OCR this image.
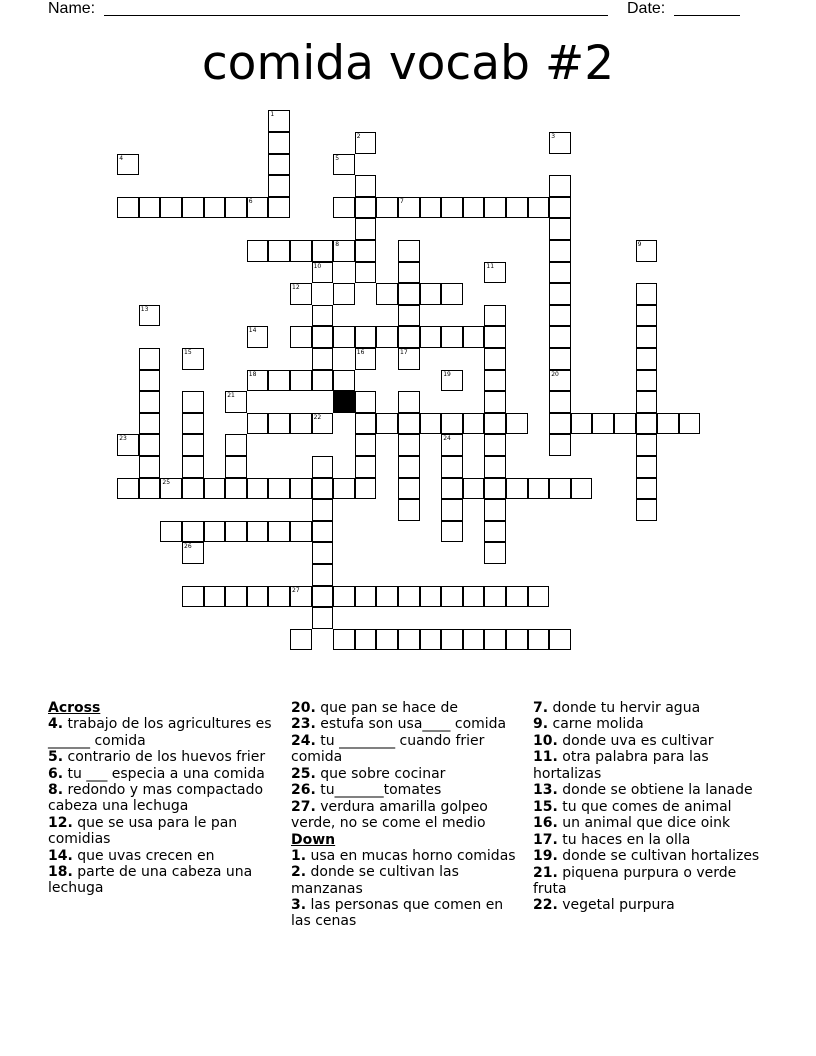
Name:	Date:
comida vocab #2
1
6	7
20
8
17
18
24
25
27
2	3
4	5
9
10	11
12
13
14
15	16
19
21
22
23
26
Across
4. trabajo de los agricultures es ______ comida
5. contrario de los huevos frier
6. tu ___ especia a una comida
8. redondo y mas compactado cabeza una lechuga
12. que se usa para le pan comidias
14. que uvas crecen en
18. parte de una cabeza una lechuga
20. que pan se hace de
23. estufa son usa____ comida
24. tu ________ cuando frier comida
25. que sobre cocinar
26. tu_______tomates
27. verdura amarilla golpeo verde, no se come el medio
Down
1. usa en mucas horno comidas
2. donde se cultivan las manzanas
3. las personas que comen en las cenas
7. donde tu hervir agua
9. carne molida
10. donde uva es cultivar
11. otra palabra para las hortalizas
13. donde se obtiene la lanade
15. tu que comes de animal
16. un animal que dice oink
17. tu haces en la olla
19. donde se cultivan hortalizes
21. piquena purpura o verde fruta
22. vegetal purpura
